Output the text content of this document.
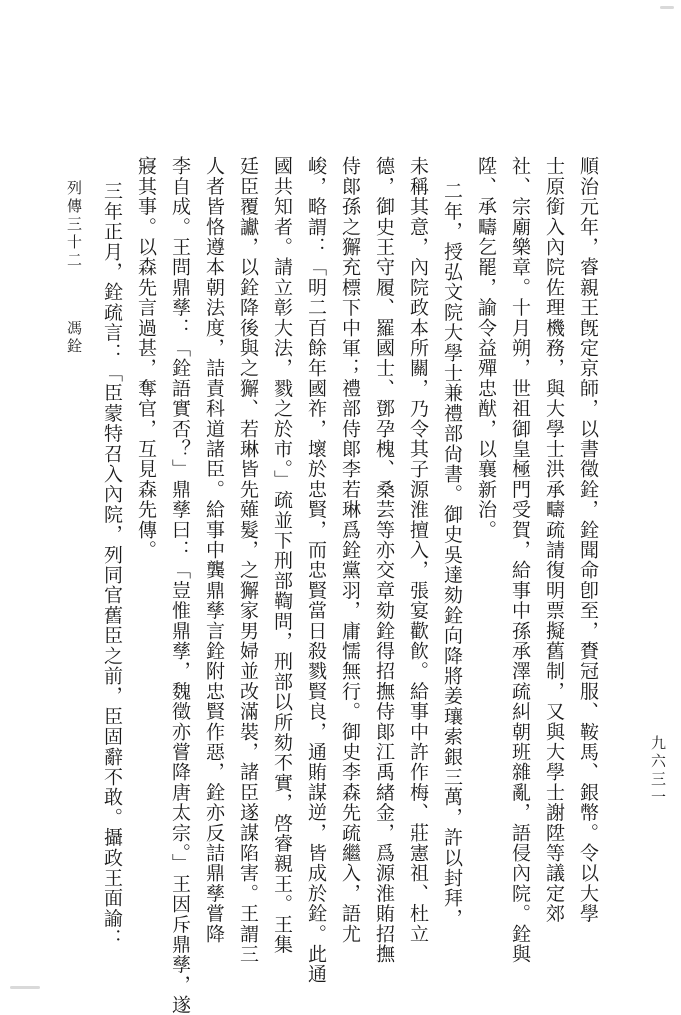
順治元年，睿親王旣定京師，以書徵銓，銓聞命卽至，賚冠服、鞍馬、銀幣。令以大學
士原銜入內院佐理機務，與大學士洪承疇疏請復明票擬舊制，又與大學士謝陞等議定郊
社、宗廟樂章。十月朔，世祖御皇極門受賀，給事中孫承澤疏糾朝班雜亂，語侵內院。銓與
陞、承疇乞罷，諭令益殫忠猷，以襄新治。
二年，授弘文院大學士兼禮部尙書。御史吳達劾銓向降將姜瓖索銀三萬，許以封拜，
未稱其意，內院政本所關，乃令其子源淮擅入，張宴歡飮。給事中許作梅、莊憲祖、杜立
德，御史王守履、羅國士、鄧孕槐、桑芸等亦交章劾銓得招撫侍郞江禹緖金，爲源淮賄招撫
侍郞孫之獬充標下中軍；禮部侍郞李若琳爲銓黨羽，庸懦無行。御史李森先疏繼入，語尤
峻，略謂：「明二百餘年國祚，壞於忠賢，而忠賢當日殺戮賢良，通賄謀逆，皆成於銓。此通
國共知者。請立彰大法，戮之於市。」疏並下刑部鞫問，刑部以所劾不實，啓睿親王。王集
廷臣覆讞，以銓降後與之獬、若琳皆先薙髮，之獬家男婦並改滿裝，諸臣遂謀陷害。王謂三
人者皆恪遵本朝法度，詰責科道諸臣。給事中龔鼎孳言銓附忠賢作惡，銓亦反詰鼎孳嘗降
李自成。王問鼎孳：「銓語實否？」鼎孳曰：「豈惟鼎孳，魏徵亦嘗降唐太宗。」王因斥鼎孳，遂
寢其事。以森先言過甚，奪官，互見森先傳。
三年正月，銓疏言：「臣蒙特召入內院，列同官舊臣之前，臣固辭不敢。攝政王面諭：	九六三一
列傳三十二
馮銓
